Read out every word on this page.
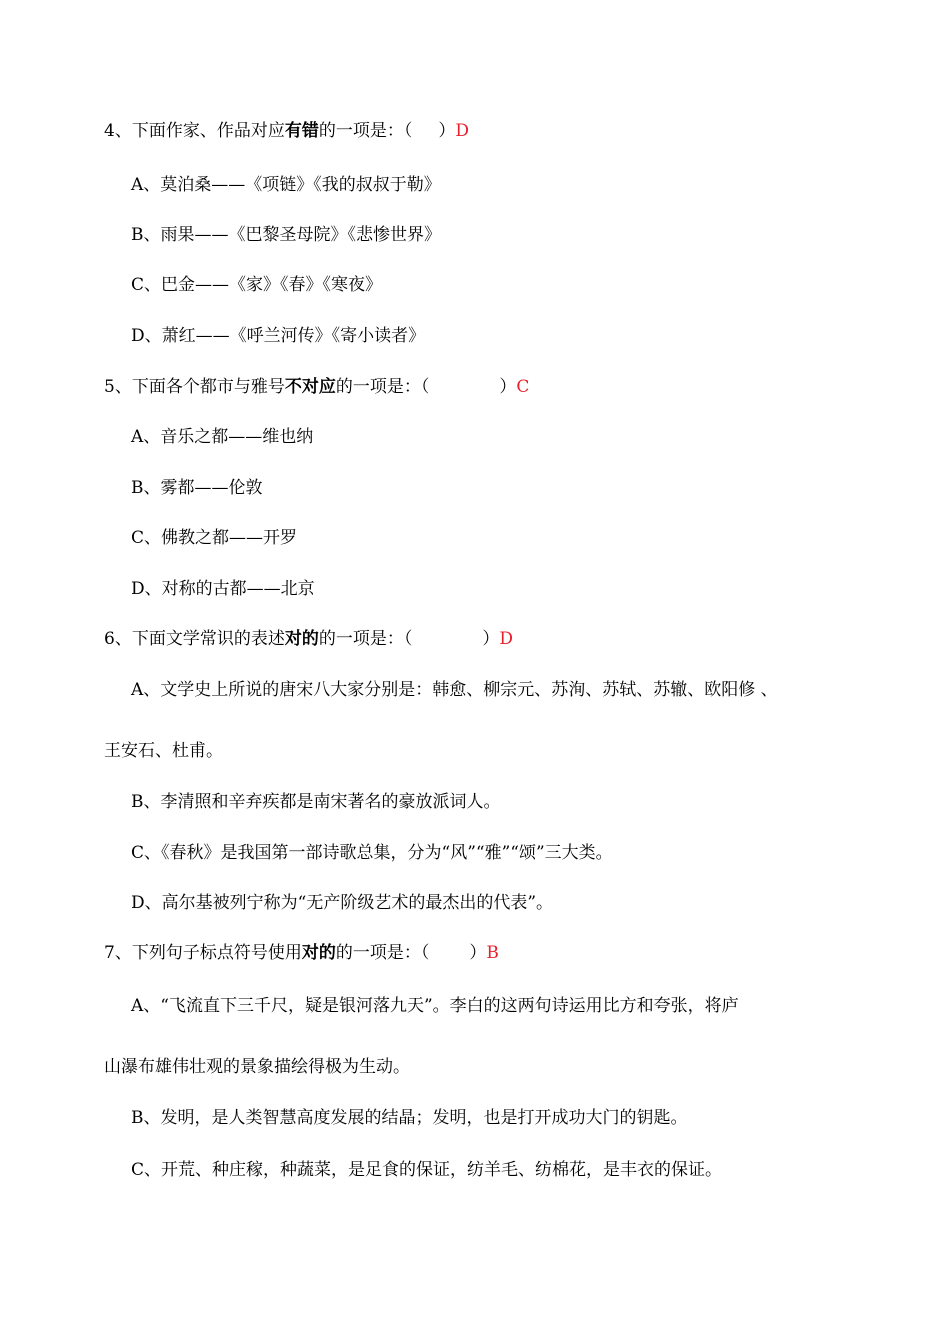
4、下面作家、作品对应有错的一项是：（ ）D
A、莫泊桑——《项链》《我的叔叔于勒》
B、雨果——《巴黎圣母院》《悲惨世界》
C、巴金——《家》《春》《寒夜》
D、萧红——《呼兰河传》《寄小读者》
5、下面各个都市与雅号不对应的一项是：（	）C
A、音乐之都——维也纳
B、雾都——伦敦
C、佛教之都——开罗
D、对称的古都——北京
6、下面文学常识的表述对的的一项是：（	）D
A、文学史上所说的唐宋八大家分别是：韩愈、柳宗元、苏洵、苏轼、苏辙、欧阳修 、
王安石、杜甫。
B、李清照和辛弃疾都是南宋著名的豪放派词人。
C、《春秋》是我国第一部诗歌总集，分为“风”“雅”“颂”三大类。
D、高尔基被列宁称为“无产阶级艺术的最杰出的代表”。
7、下列句子标点符号使用对的的一项是：（ ）B
A、“飞流直下三千尺，疑是银河落九天”。李白的这两句诗运用比方和夸张，将庐
山瀑布雄伟壮观的景象描绘得极为生动。
B、发明，是人类智慧高度发展的结晶；发明，也是打开成功大门的钥匙。
C、开荒、种庄稼，种蔬菜，是足食的保证，纺羊毛、纺棉花，是丰衣的保证。
